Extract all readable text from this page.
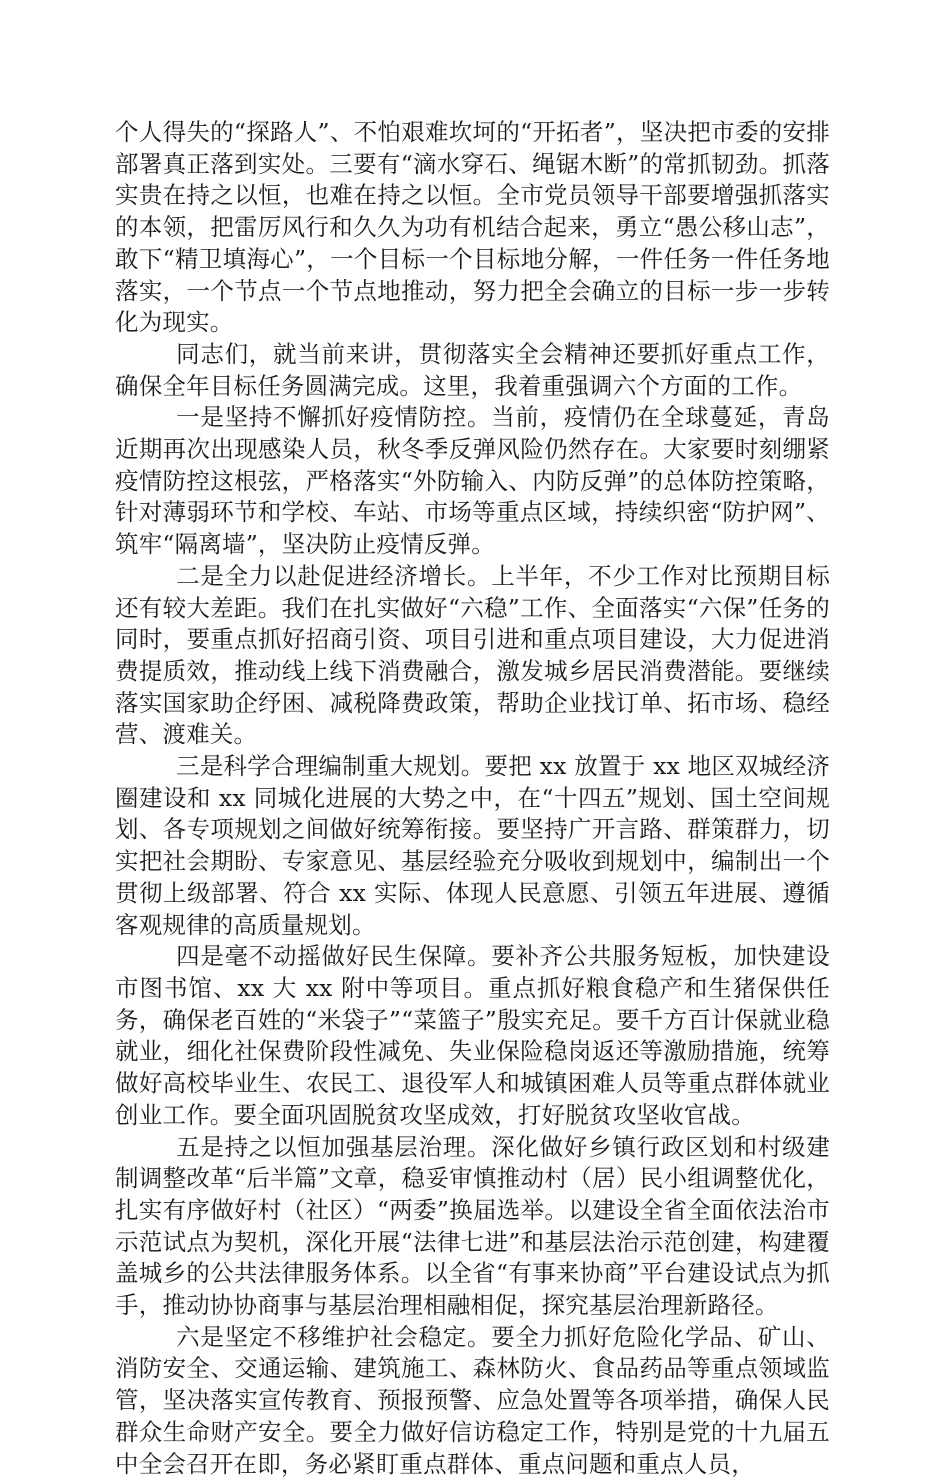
个人得失的“探路人”、不怕艰难坎坷的“开拓者”，坚决把市委的安排部署真正落到实处。三要有“滴水穿石、绳锯木断”的常抓韧劲。抓落实贵在持之以恒，也难在持之以恒。全市党员领导干部要增强抓落实的本领，把雷厉风行和久久为功有机结合起来，勇立“愚公移山志”，敢下“精卫填海心”，一个目标一个目标地分解，一件任务一件任务地落实，一个节点一个节点地推动，努力把全会确立的目标一步一步转化为现实。

同志们，就当前来讲，贯彻落实全会精神还要抓好重点工作，确保全年目标任务圆满完成。这里，我着重强调六个方面的工作。

一是坚持不懈抓好疫情防控。当前，疫情仍在全球蔓延，青岛近期再次出现感染人员，秋冬季反弹风险仍然存在。大家要时刻绷紧疫情防控这根弦，严格落实“外防输入、内防反弹”的总体防控策略，针对薄弱环节和学校、车站、市场等重点区域，持续织密“防护网”、筑牢“隔离墙”，坚决防止疫情反弹。

二是全力以赴促进经济增长。上半年，不少工作对比预期目标还有较大差距。我们在扎实做好“六稳”工作、全面落实“六保”任务的同时，要重点抓好招商引资、项目引进和重点项目建设，大力促进消费提质效，推动线上线下消费融合，激发城乡居民消费潜能。要继续落实国家助企纾困、减税降费政策，帮助企业找订单、拓市场、稳经营、渡难关。

三是科学合理编制重大规划。要把 xx 放置于 xx 地区双城经济圈建设和 xx 同城化进展的大势之中，在“十四五”规划、国土空间规划、各专项规划之间做好统筹衔接。要坚持广开言路、群策群力，切实把社会期盼、专家意见、基层经验充分吸收到规划中，编制出一个贯彻上级部署、符合 xx 实际、体现人民意愿、引领五年进展、遵循客观规律的高质量规划。

四是毫不动摇做好民生保障。要补齐公共服务短板，加快建设市图书馆、xx 大 xx 附中等项目。重点抓好粮食稳产和生猪保供任务，确保老百姓的“米袋子”“菜篮子”殷实充足。要千方百计保就业稳就业，细化社保费阶段性减免、失业保险稳岗返还等激励措施，统筹做好高校毕业生、农民工、退役军人和城镇困难人员等重点群体就业创业工作。要全面巩固脱贫攻坚成效，打好脱贫攻坚收官战。

五是持之以恒加强基层治理。深化做好乡镇行政区划和村级建制调整改革“后半篇”文章，稳妥审慎推动村（居）民小组调整优化，扎实有序做好村（社区）“两委”换届选举。以建设全省全面依法治市示范试点为契机，深化开展“法律七进”和基层法治示范创建，构建覆盖城乡的公共法律服务体系。以全省“有事来协商”平台建设试点为抓手，推动协协商事与基层治理相融相促，探究基层治理新路径。

六是坚定不移维护社会稳定。要全力抓好危险化学品、矿山、消防安全、交通运输、建筑施工、森林防火、食品药品等重点领域监管，坚决落实宣传教育、预报预警、应急处置等各项举措，确保人民群众生命财产安全。要全力做好信访稳定工作，特别是党的十九届五中全会召开在即，务必紧盯重点群体、重点问题和重点人员，
